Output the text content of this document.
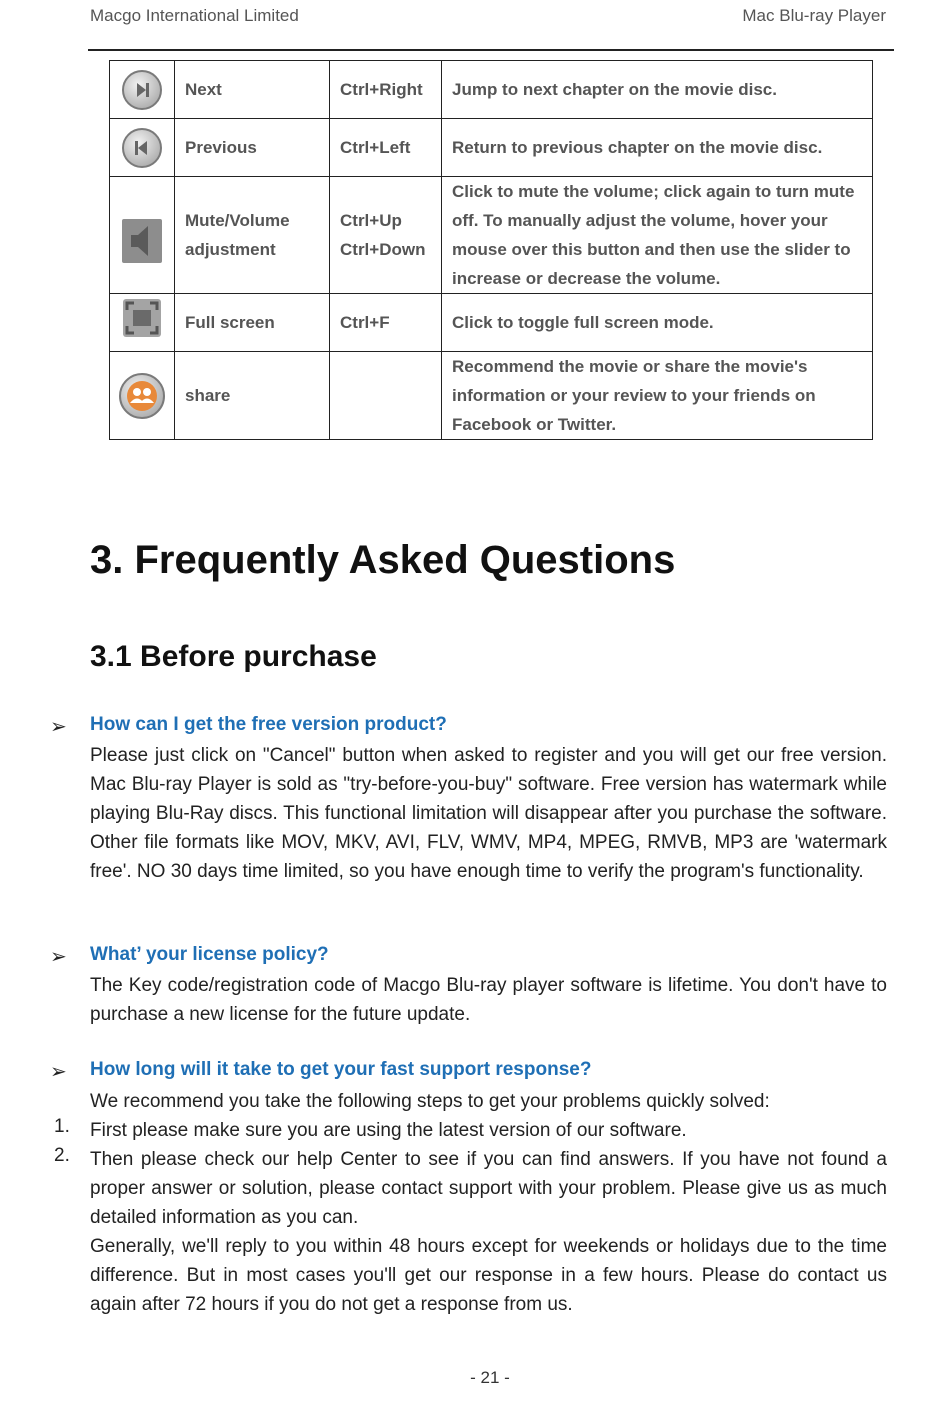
Macgo International Limited	Mac Blu-ray Player
	Next	Ctrl+Right	Jump to next chapter on the movie disc.

	Previous	Ctrl+Left	Return to previous chapter on the movie disc.
	Mute/Volume adjustment	Ctrl+Up Ctrl+Down	Click to mute the volume; click again to turn mute off. To manually adjust the volume, hover your mouse over this button and then use the slider to increase or decrease the volume.
	Full screen	Ctrl+F	Click to toggle full screen mode.

	share		Recommend the movie or share the movie's information or your review to your friends on Facebook or Twitter.
3. Frequently Asked Questions
3.1 Before purchase
➢ How can I get the free version product?
Please just click on "Cancel" button when asked to register and you will get our free version. Mac Blu-ray Player is sold as "try-before-you-buy" software. Free version has watermark while playing Blu-Ray discs. This functional limitation will disappear after you purchase the software. Other file formats like MOV, MKV, AVI, FLV, WMV, MP4, MPEG, RMVB, MP3 are 'watermark free'. NO 30 days time limited, so you have enough time to verify the program's functionality.
➢ What’ your license policy?
The Key code/registration code of Macgo Blu-ray player software is lifetime. You don't have to purchase a new license for the future update.
➢ How long will it take to get your fast support response?
We recommend you take the following steps to get your problems quickly solved:
1. First please make sure you are using the latest version of our software.
2. Then please check our help Center to see if you can find answers. If you have not found a proper answer or solution, please contact support with your problem. Please give us as much detailed information as you can.
Generally, we'll reply to you within 48 hours except for weekends or holidays due to the time difference. But in most cases you'll get our response in a few hours. Please do contact us again after 72 hours if you do not get a response from us.
- 21 -
